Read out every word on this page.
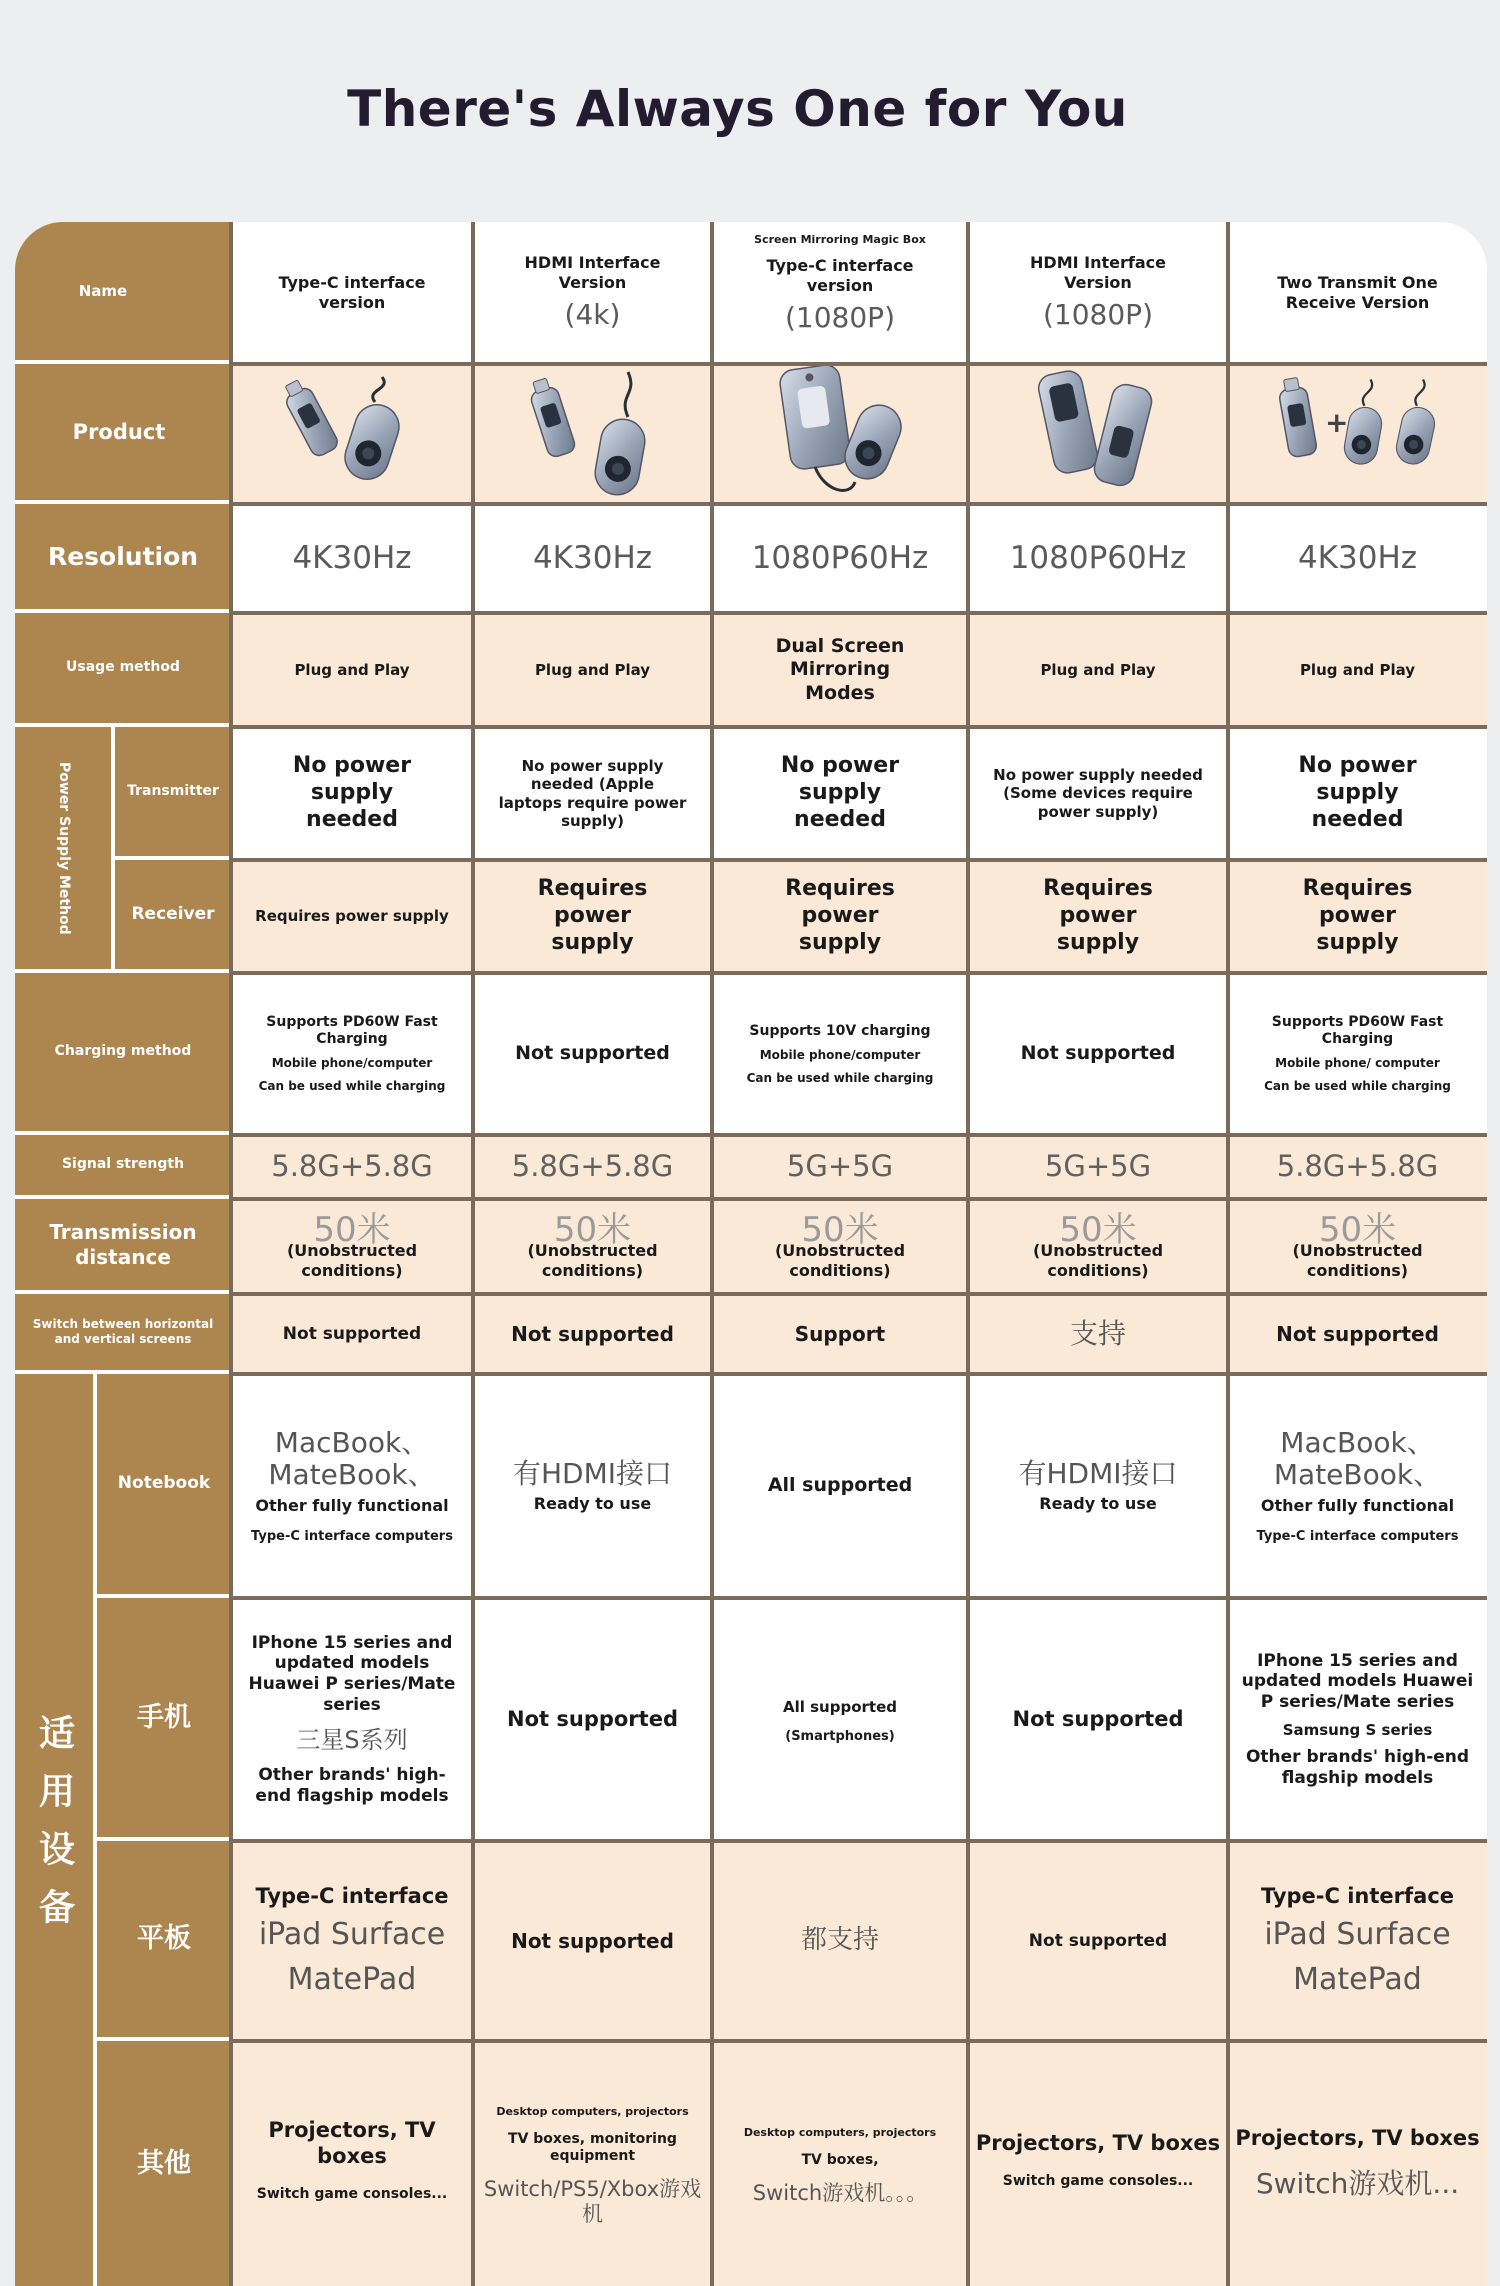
There's Always One for You
Name
Product
Resolution
Usage method
Power Supply Method	Transmitter
Receiver
Charging method
Signal strength
Transmission distance
Switch between horizontal and vertical screens
适用设备
Notebook
手机
平板
其他
Type-C interface version
4K30Hz
Plug and Play
No power supply needed
Requires power supply
Supports PD60W Fast Charging
Mobile phone/computer
Can be used while charging
5.8G+5.8G
50米
(Unobstructed conditions)
Not supported
MacBook、
MateBook、
Other fully functional
Type-C interface computers
IPhone 15 series and updated models Huawei P series/Mate series
三星S系列
Other brands' high-end flagship models
Type-C interface
iPad Surface
MatePad
Projectors, TV boxes
Switch game consoles...
HDMI Interface Version
(4k)
4K30Hz
Plug and Play
No power supply needed (Apple laptops require power supply)
Requires power supply
Not supported
5.8G+5.8G
50米
(Unobstructed conditions)
Not supported
有HDMI接口
Ready to use
Not supported
Not supported
Desktop computers, projectors
TV boxes, monitoring equipment
Switch/PS5/Xbox游戏机
Screen Mirroring Magic Box
Type-C interface version
(1080P)
1080P60Hz
Dual Screen Mirroring Modes
No power supply needed
Requires power supply
Supports 10V charging
Mobile phone/computer
Can be used while charging
5G+5G
50米
(Unobstructed conditions)
Support
All supported
All supported
(Smartphones)
都支持
Desktop computers, projectors
TV boxes,
Switch游戏机。。。
HDMI Interface Version
(1080P)
1080P60Hz
Plug and Play
No power supply needed (Some devices require power supply)
Requires power supply
Not supported
5G+5G
50米
(Unobstructed conditions)
支持
有HDMI接口
Ready to use
Not supported
Not supported
Projectors, TV boxes
Switch game consoles...
Two Transmit One Receive Version
+
4K30Hz
Plug and Play
No power supply needed
Requires power supply
Supports PD60W Fast Charging
Mobile phone/ computer
Can be used while charging
5.8G+5.8G
50米
(Unobstructed conditions)
Not supported
MacBook、
MateBook、
Other fully functional
Type-C interface computers
IPhone 15 series and updated models Huawei P series/Mate series
Samsung S series
Other brands' high-end flagship models
Type-C interface
iPad Surface
MatePad
Projectors, TV boxes
Switch游戏机...
